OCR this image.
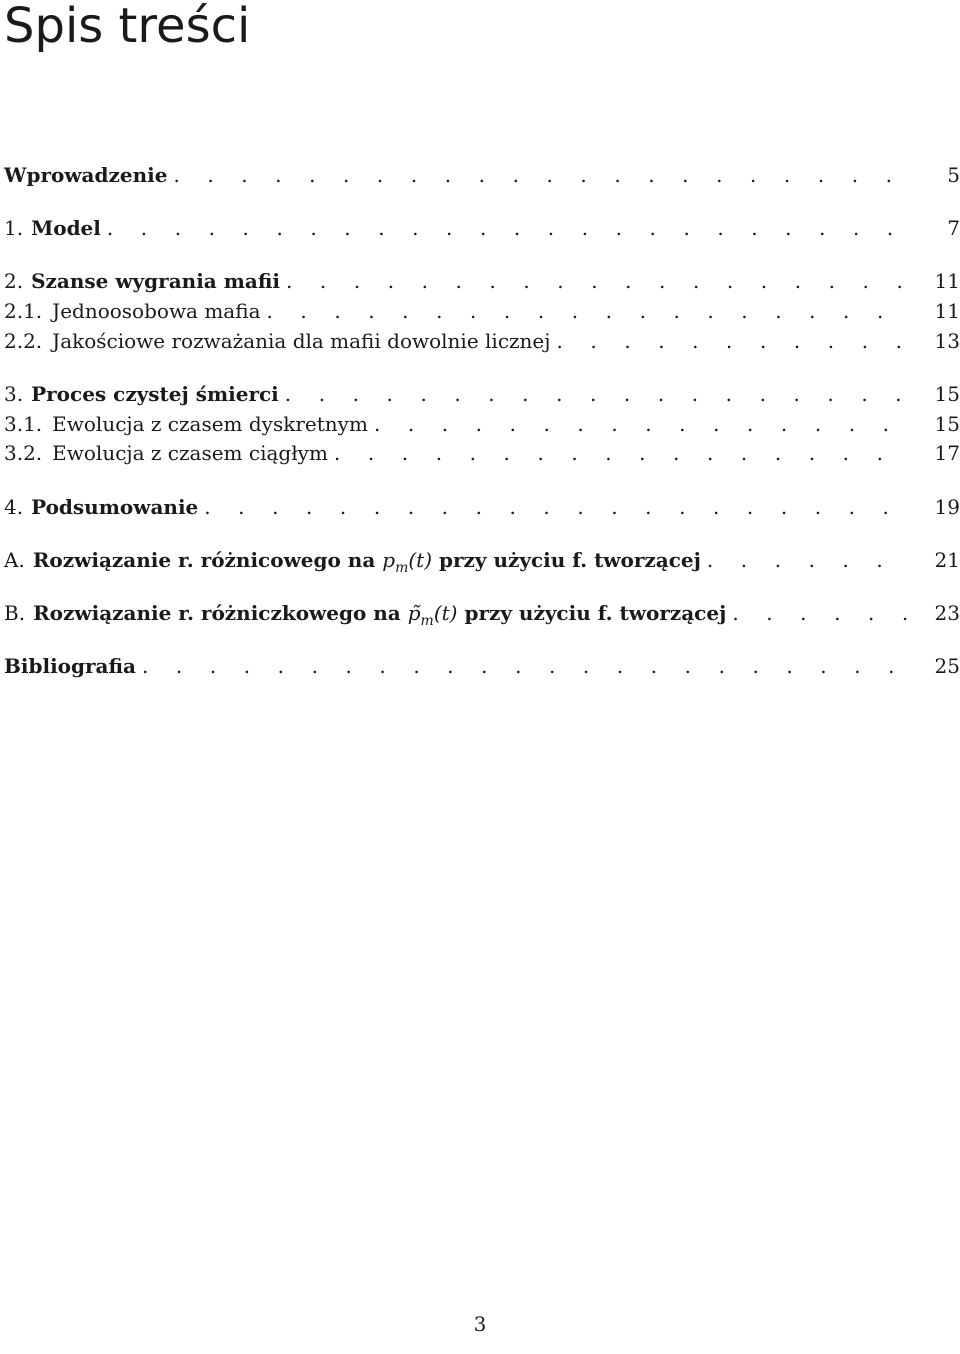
Spis treści
Wprowadzenie . . .	5
1. Model . . .	7
2. Szanse wygrania mafii . . .	11
2.1. Jednoosobowa mafia . . .	11
2.2. Jakościowe rozważania dla mafii dowolnie licznej . . .	13
3. Proces czystej śmierci . . .	15
3.1. Ewolucja z czasem dyskretnym . . .	15
3.2. Ewolucja z czasem ciągłym . . .	17
4. Podsumowanie . . .	19
A. Rozwiązanie r. różnicowego na $p_m(t)$ przy użyciu f. tworzącej . . .	21
B. Rozwiązanie r. różniczkowego na $p̃_m(t)$ przy użyciu f. tworzącej . . .	23
Bibliografia . . .	25
3
